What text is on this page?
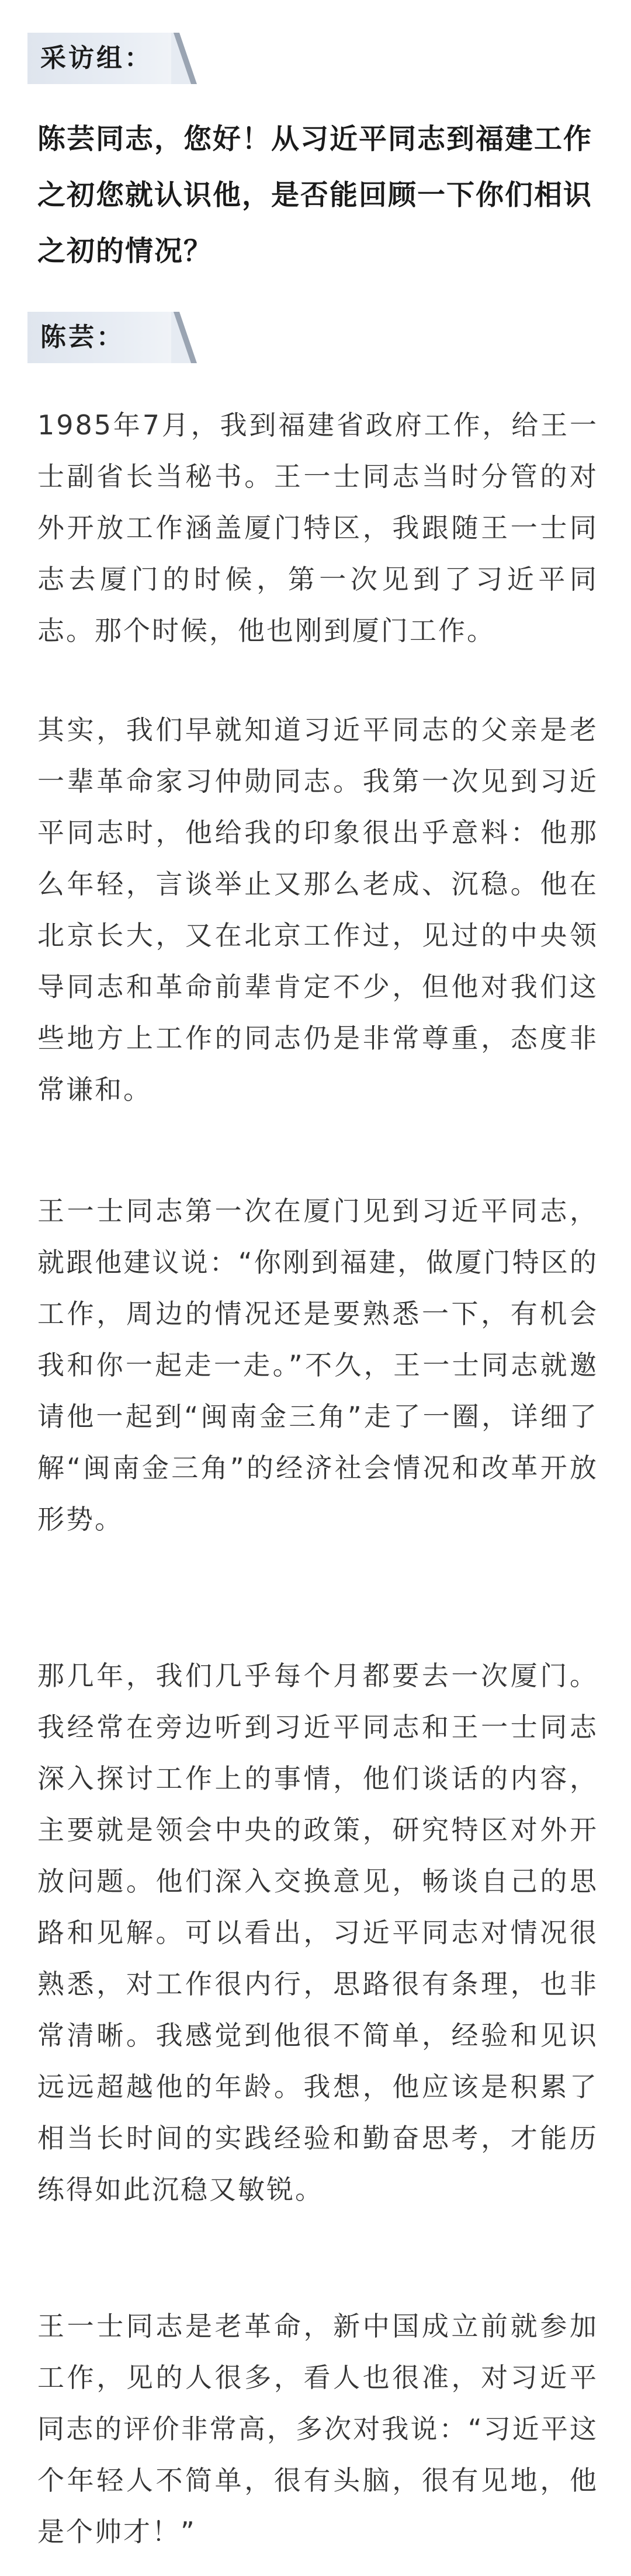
采访组：

陈芸同志，您好！从习近平同志到福建工作之初您就认识他，是否能回顾一下你们相识之初的情况？

陈芸：

1985年7月，我到福建省政府工作，给王一士副省长当秘书。王一士同志当时分管的对外开放工作涵盖厦门特区，我跟随王一士同志去厦门的时候，第一次见到了习近平同志。那个时候，他也刚到厦门工作。

其实，我们早就知道习近平同志的父亲是老一辈革命家习仲勋同志。我第一次见到习近平同志时，他给我的印象很出乎意料：他那么年轻，言谈举止又那么老成、沉稳。他在北京长大，又在北京工作过，见过的中央领导同志和革命前辈肯定不少，但他对我们这些地方上工作的同志仍是非常尊重，态度非常谦和。

王一士同志第一次在厦门见到习近平同志，就跟他建议说：“你刚到福建，做厦门特区的工作，周边的情况还是要熟悉一下，有机会我和你一起走一走。”不久，王一士同志就邀请他一起到“闽南金三角”走了一圈，详细了解“闽南金三角”的经济社会情况和改革开放形势。

那几年，我们几乎每个月都要去一次厦门。我经常在旁边听到习近平同志和王一士同志深入探讨工作上的事情，他们谈话的内容，主要就是领会中央的政策，研究特区对外开放问题。他们深入交换意见，畅谈自己的思路和见解。可以看出，习近平同志对情况很熟悉，对工作很内行，思路很有条理，也非常清晰。我感觉到他很不简单，经验和见识远远超越他的年龄。我想，他应该是积累了相当长时间的实践经验和勤奋思考，才能历练得如此沉稳又敏锐。

王一士同志是老革命，新中国成立前就参加工作，见的人很多，看人也很准，对习近平同志的评价非常高，多次对我说：“习近平这个年轻人不简单，很有头脑，很有见地，他是个帅才！”
